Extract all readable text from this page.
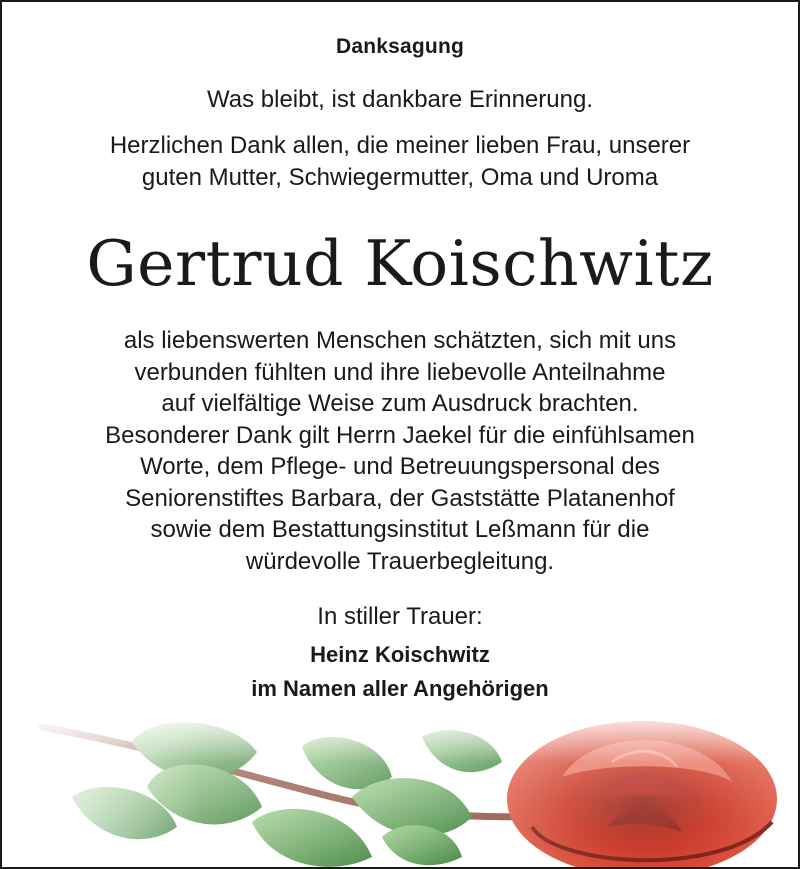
Danksagung
Was bleibt, ist dankbare Erinnerung.
Herzlichen Dank allen, die meiner lieben Frau, unserer
guten Mutter, Schwiegermutter, Oma und Uroma
Gertrud Koischwitz
als liebenswerten Menschen schätzten, sich mit uns
verbunden fühlten und ihre liebevolle Anteilnahme
auf vielfältige Weise zum Ausdruck brachten.
Besonderer Dank gilt Herrn Jaekel für die einfühlsamen
Worte, dem Pflege- und Betreuungspersonal des
Seniorenstiftes Barbara, der Gaststätte Platanenhof
sowie dem Bestattungsinstitut Leßmann für die
würdevolle Trauerbegleitung.
In stiller Trauer:
Heinz Koischwitz
im Namen aller Angehörigen
